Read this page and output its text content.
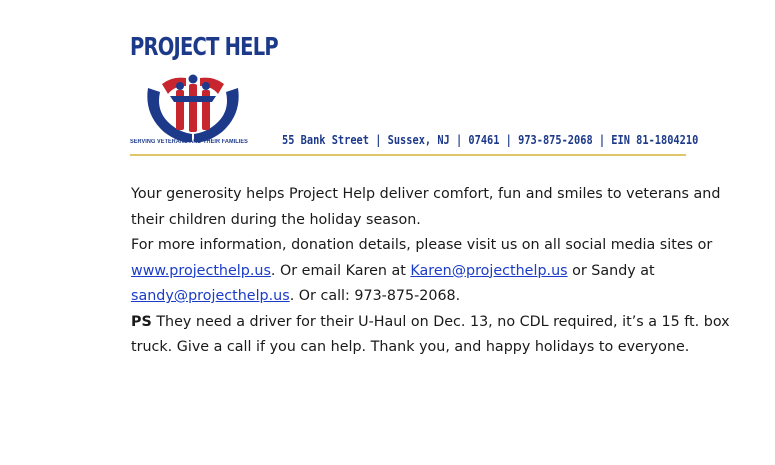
PROJECT HELP
SERVING VETERANS AND THEIR FAMILIES	55 Bank Street | Sussex, NJ | 07461 | 973-875-2068 | EIN 81-1804210

Your generosity helps Project Help deliver comfort, fun and smiles to veterans and their children during the holiday season.

For more information, donation details, please visit us on all social media sites or www.projecthelp.us. Or email Karen at Karen@projecthelp.us or Sandy at sandy@projecthelp.us. Or call: 973-875-2068.

PS They need a driver for their U-Haul on Dec. 13, no CDL required, it’s a 15 ft. box truck. Give a call if you can help. Thank you, and happy holidays to everyone.
